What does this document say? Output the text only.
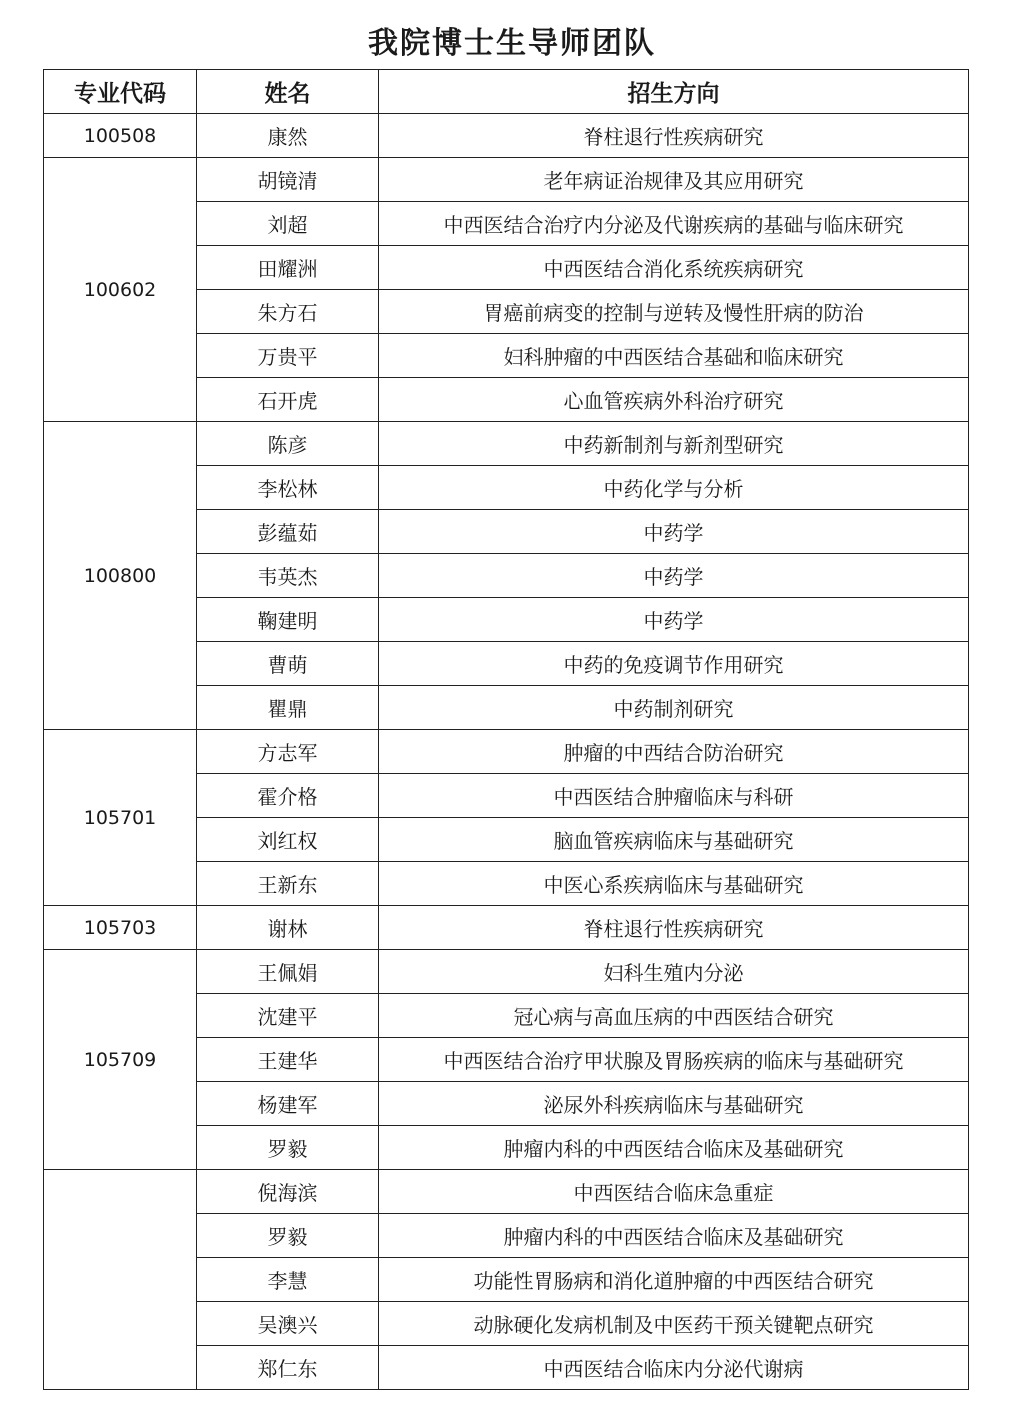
我院博士生导师团队
专业代码	姓名	招生方向
100508	康然	脊柱退行性疾病研究
100602	胡镜清	老年病证治规律及其应用研究
	刘超	中西医结合治疗内分泌及代谢疾病的基础与临床研究
	田耀洲	中西医结合消化系统疾病研究
	朱方石	胃癌前病变的控制与逆转及慢性肝病的防治
	万贵平	妇科肿瘤的中西医结合基础和临床研究
	石开虎	心血管疾病外科治疗研究
100800	陈彦	中药新制剂与新剂型研究
	李松林	中药化学与分析
	彭蕴茹	中药学
	韦英杰	中药学
	鞠建明	中药学
	曹萌	中药的免疫调节作用研究
	瞿鼎	中药制剂研究
105701	方志军	肿瘤的中西结合防治研究
	霍介格	中西医结合肿瘤临床与科研
	刘红权	脑血管疾病临床与基础研究
	王新东	中医心系疾病临床与基础研究
105703	谢林	脊柱退行性疾病研究
105709	王佩娟	妇科生殖内分泌
	沈建平	冠心病与高血压病的中西医结合研究
	王建华	中西医结合治疗甲状腺及胃肠疾病的临床与基础研究
	杨建军	泌尿外科疾病临床与基础研究
	罗毅	肿瘤内科的中西医结合临床及基础研究
	倪海滨	中西医结合临床急重症
	罗毅	肿瘤内科的中西医结合临床及基础研究
	李慧	功能性胃肠病和消化道肿瘤的中西医结合研究
	吴澳兴	动脉硬化发病机制及中医药干预关键靶点研究
	郑仁东	中西医结合临床内分泌代谢病
